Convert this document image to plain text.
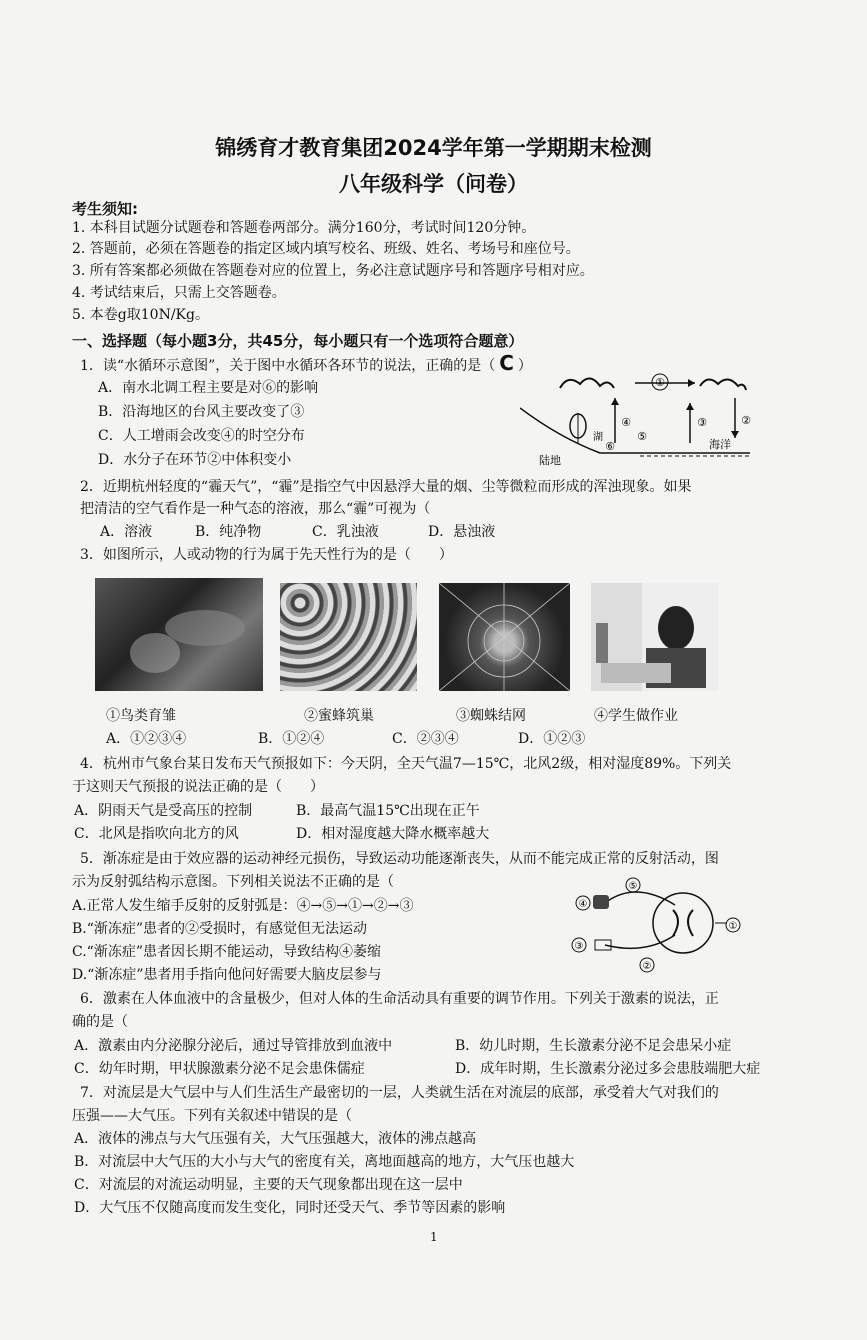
锦绣育才教育集团2024学年第一学期期末检测
八年级科学（问卷）
考生须知:
1. 本科目试题分试题卷和答题卷两部分。满分160分，考试时间120分钟。
2. 答题前，必须在答题卷的指定区域内填写校名、班级、姓名、考场号和座位号。
3. 所有答案都必须做在答题卷对应的位置上，务必注意试题序号和答题序号相对应。
4. 考试结束后，只需上交答题卷。
5. 本卷g取10N/Kg。
一、选择题（每小题3分，共45分，每小题只有一个选项符合题意）
1．读“水循环示意图”，关于图中水循环各环节的说法，正确的是（ C ）
A．南水北调工程主要是对⑥的影响
B．沿海地区的台风主要改变了③
C．人工增雨会改变④的时空分布
D．水分子在环节②中体积变小
①
④	③	②
⑤
⑥
湖
陆地
海洋
2．近期杭州轻度的“霾天气”，“霾”是指空气中因悬浮大量的烟、尘等微粒而形成的浑浊现象。如果
把清洁的空气看作是一种气态的溶液，那么“霾”可视为（
A．溶液	B．纯净物	C．乳浊液	D．悬浊液
3．如图所示，人或动物的行为属于先天性行为的是（　　）
①鸟类育雏	②蜜蜂筑巢	③蜘蛛结网	④学生做作业
A．①②③④	B．①②④	C．②③④	D．①②③
4．杭州市气象台某日发布天气预报如下：今天阴，全天气温7—15℃，北风2级，相对湿度89%。下列关
于这则天气预报的说法正确的是（　　）
A．阴雨天气是受高压的控制	B．最高气温15℃出现在正午
C．北风是指吹向北方的风	D．相对湿度越大降水概率越大
5．渐冻症是由于效应器的运动神经元损伤，导致运动功能逐渐丧失，从而不能完成正常的反射活动，图
示为反射弧结构示意图。下列相关说法不正确的是（
A.正常人发生缩手反射的反射弧是：④→⑤→①→②→③
B.“渐冻症”患者的②受损时，有感觉但无法运动
C.“渐冻症”患者因长期不能运动，导致结构④萎缩
D.“渐冻症”患者用手指向他问好需要大脑皮层参与
④
⑤
①
③
②
6．激素在人体血液中的含量极少，但对人体的生命活动具有重要的调节作用。下列关于激素的说法，正
确的是（
A．激素由内分泌腺分泌后，通过导管排放到血液中	B．幼儿时期，生长激素分泌不足会患呆小症
C．幼年时期，甲状腺激素分泌不足会患侏儒症	D．成年时期，生长激素分泌过多会患肢端肥大症
7．对流层是大气层中与人们生活生产最密切的一层，人类就生活在对流层的底部，承受着大气对我们的
压强——大气压。下列有关叙述中错误的是（
A．液体的沸点与大气压强有关，大气压强越大，液体的沸点越高
B．对流层中大气压的大小与大气的密度有关，离地面越高的地方，大气压也越大
C．对流层的对流运动明显，主要的天气现象都出现在这一层中
D．大气压不仅随高度而发生变化，同时还受天气、季节等因素的影响
1
